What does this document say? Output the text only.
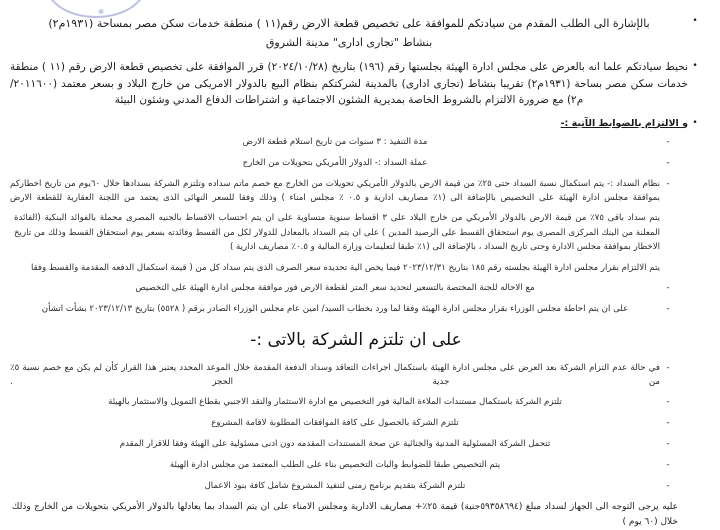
•
بالإشارة الى الطلب المقدم من سيادتكم للموافقة على تخصيص قطعة الارض رقم(١١ ) منطقة خدمات سكن مصر بمساحة (١٩٣١م٢)
بنشاط "تجارى ادارى" مدينة الشروق
•
نحيط سيادتكم علما انه بالعرض على مجلس ادارة الهيئة بجلستها رقم (١٩٦) بتاريخ (٢٠٢٤/١٠/٢٨) قرر الموافقة على تخصيص قطعة الارض رقم (١١ ) منطقة خدمات سكن مصر بساحة (١٩٣١م٢) تقريبا بنشاط (تجارى ادارى) بالمدينة لشركتكم بنظام البيع بالدولار الامريكى من خارج البلاد و بسعر معتمد (٢٠١١٦٠٠/م٢) مع ضرورة الالتزام بالشروط الخاصة بمديرية الشئون الاجتماعية و اشتراطات الدفاع المدني وشئون البيئة
•
و الالتزام بالضوابط الآتية :-
-
مدة التنفيذ : ٣ سنوات من تاريخ استلام قطعة الارض
-
عملة السداد :- الدولار الأمريكي بتحويلات من الخارج
-
نظام السداد :- يتم استكمال نسبة السداد حتى ٢٥٪ من قيمة الارض بالدولار الأمريكي تحويلات من الخارج مع خصم ماتم سداده وتلتزم الشركة بسدادها خلال ٦٠يوم من تاريخ اخطاركم بموافقة مجلس ادارة الهيئة على التخصيص بالإضافة الى (١٪ مصاريف ادارية و ٠.٥ ٪ مجلس امناء ) وذلك وفقا للسعر النهائى الذى يعتمد من اللجنة العقارية للقطعة الارض
يتم سداد باقى ٧٥٪ من قيمة الارض بالدولار الأمريكي من خارج البلاد على ٣ اقساط سنوية متساوية على ان يتم احتساب الاقساط بالجنيه المصرى محملة بالفوائد البنكية (الفائدة المعلنة من البنك المركزى المصرى يوم استحقاق القسط على الرصيد المدين ) على ان يتم السداد بالمعادل للدولار لكل من القسط وفائدته بسعر يوم استحقاق القسط وذلك من تاريخ الاخطار بموافقة مجلس الادارة وحتى تاريخ السداد ، بالإضافة الى (١٪ طبقا لتعليمات وزارة المالية و ٠.٥٪ مصاريف ادارية )
يتم الالتزام بقرار مجلس ادارة الهيئة بجلسته رقم ١٨٥ بتاريخ ٢٠٢٣/١٢/٣١ فيما يخص الية تحديده سعر الصرف الذى يتم سداد كل من ( قيمة استكمال الدفعه المقدمة والقسط وفقا
-
مع الاحاله للجنة المختصة بالتسعير لتحديد سعر المتر لقطعة الارض فور موافقة مجلس ادارة الهيئة على التخصيص
-
على ان يتم احاطة مجلس الوزراء بقرار مجلس ادارة الهيئة وفقا لما ورد بخطاب السيد/ امين عام مجلس الوزراء الصادر برقم ( ٥٥٢٨) بتاريخ ٢٠٢٣/١٢/١٣ بشأت اتشأن
على ان تلتزم الشركة بالاتى :-
-
في حالة عدم التزام الشركة بعد العرض على مجلس ادارة الهيئة باستكمال اجراءات التعاقد وسداد الدفعة المقدمة خلال الموعد المحدد يعتبر هذا القرار كأن لم يكن مع خصم نسبة ٥٪ من جدية الحجز .
-
تلتزم الشركة باستكمال مستندات الملاءة المالية فور التخصيص مع ادارة الاستثمار والنقد الاجنبي بقطاع التمويل والاستثمار بالهيئة
-
تلتزم الشركة بالحصول على كافة الموافقات المطلوبة لاقامة المشروع
-
تتحمل الشركة المسئولية المدنية والجنائية عن صحة المستندات المقدمه دون ادنى مسئولية على الهيئة وفقا للاقرار المقدم
-
يتم التخصيص طبقا للضوابط واليات التخصيص بناء على الطلب المعتمد من مجلس ادارة الهيئة
-
تلتزم الشركة بتقديم برنامج زمنى لتنفيذ المشروع شامل كافة بنود الاعمال
عليه يرجى التوجه الى الجهاز لسداد مبلغ (٥٩٣٥٨٦٩٤جنية) قيمة ٢٥٪+ مصاريف الادارية ومجلس الامناء على ان يتم السداد بما يعادلها بالدولار الأمريكي بتحويلات من الخارج وذلك خلال (٦٠ يوم )
